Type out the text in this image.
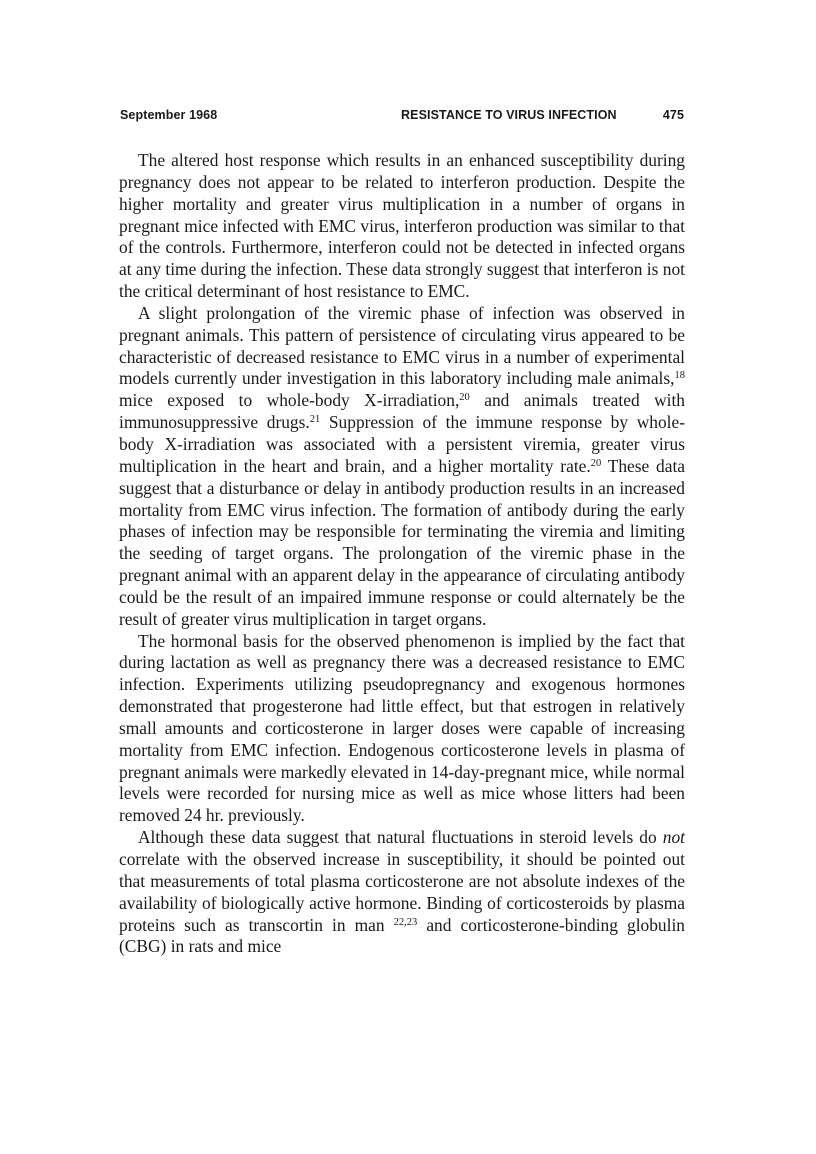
September 1968	RESISTANCE TO VIRUS INFECTION	475

The altered host response which results in an enhanced susceptibility during pregnancy does not appear to be related to interferon production. Despite the higher mortality and greater virus multiplication in a number of organs in pregnant mice infected with EMC virus, interferon production was similar to that of the controls. Furthermore, interferon could not be detected in infected organs at any time during the infection. These data strongly suggest that interferon is not the critical determinant of host resistance to EMC.

A slight prolongation of the viremic phase of infection was observed in pregnant animals. This pattern of persistence of circulating virus appeared to be characteristic of decreased resistance to EMC virus in a number of experimental models currently under investigation in this laboratory including male animals,$^{18}$ mice exposed to whole-body X-irradiation,$^{20}$ and animals treated with immunosuppressive drugs.$^{21}$ Suppression of the immune response by whole-body X-irradiation was associated with a persistent viremia, greater virus multiplication in the heart and brain, and a higher mortality rate.$^{20}$ These data suggest that a disturbance or delay in antibody production results in an increased mortality from EMC virus infection. The formation of antibody during the early phases of infection may be responsible for terminating the viremia and limiting the seeding of target organs. The prolongation of the viremic phase in the pregnant animal with an apparent delay in the appearance of circulating antibody could be the result of an impaired immune response or could alternately be the result of greater virus multiplication in target organs.

The hormonal basis for the observed phenomenon is implied by the fact that during lactation as well as pregnancy there was a decreased resistance to EMC infection. Experiments utilizing pseudopregnancy and exogenous hormones demonstrated that progesterone had little effect, but that estrogen in relatively small amounts and corticosterone in larger doses were capable of increasing mortality from EMC infection. Endogenous corticosterone levels in plasma of pregnant animals were markedly elevated in 14-day-pregnant mice, while normal levels were recorded for nursing mice as well as mice whose litters had been removed 24 hr. previously.

Although these data suggest that natural fluctuations in steroid levels do not correlate with the observed increase in susceptibility, it should be pointed out that measurements of total plasma corticosterone are not absolute indexes of the availability of biologically active hormone. Binding of corticosteroids by plasma proteins such as transcortin in man $^{22,23}$ and corticosterone-binding globulin (CBG) in rats and mice
